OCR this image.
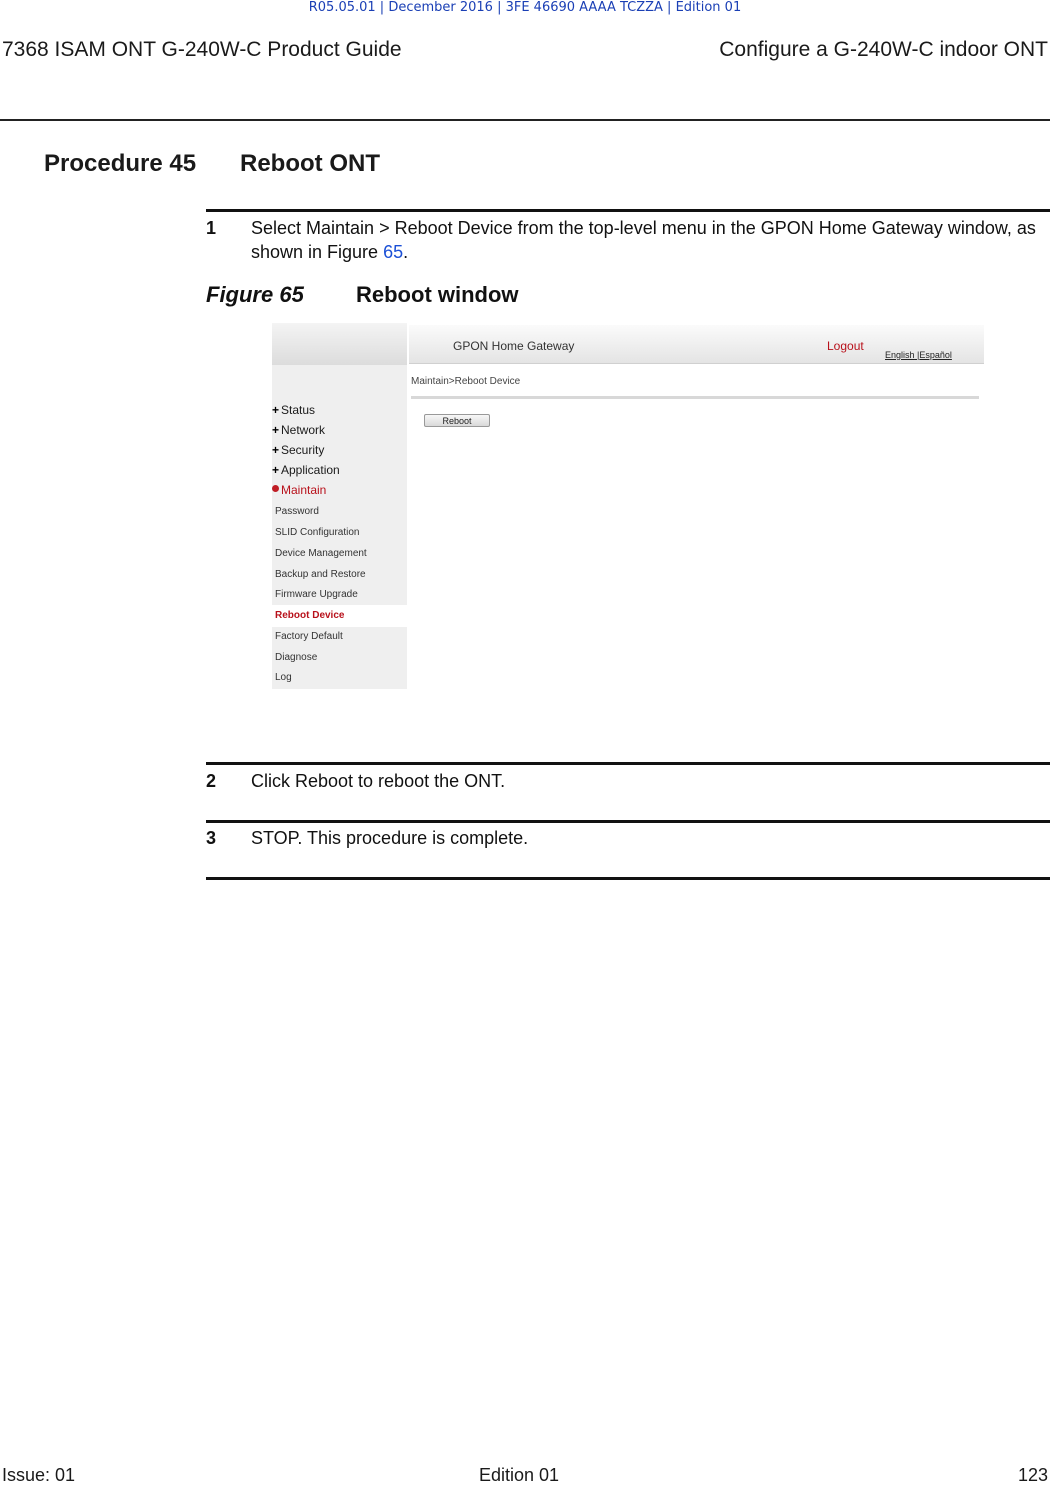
R05.05.01 | December 2016 | 3FE 46690 AAAA TCZZA | Edition 01
7368 ISAM ONT G-240W-C Product Guide	Configure a G-240W-C indoor ONT
Procedure 45 Reboot ONT
1 Select Maintain > Reboot Device from the top-level menu in the GPON Home Gateway window, as shown in Figure 65.
Figure 65 Reboot window
+ Status
+ Network
+ Security
+ Application
Maintain
Password
SLID Configuration
Device Management
Backup and Restore
Firmware Upgrade
Reboot Device
Factory Default
Diagnose
Log
GPON Home Gateway	Logout
English |Español
Maintain>Reboot Device
Reboot
2 Click Reboot to reboot the ONT.
3 STOP. This procedure is complete.
Issue: 01	Edition 01	123
